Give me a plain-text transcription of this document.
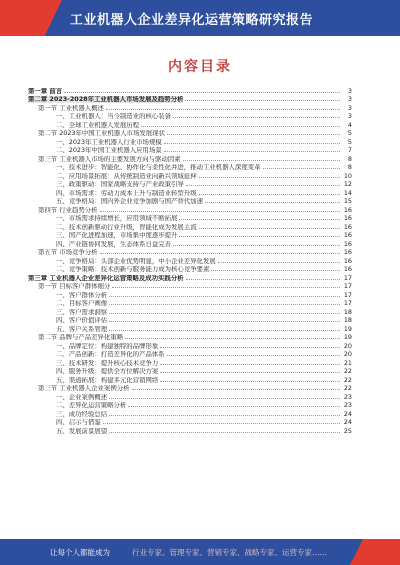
工业机器人企业差异化运营策略研究报告
内容目录
第一章 前言	3
第二章 2023-2028年工业机器人市场发展及趋势分析	3
第一节 工业机器人概述	3
一、工业机器人：当今制造业的核心装备	3
二、全球工业机器人发展历程	4
第二节 2023年中国工业机器人市场发展现状	5
一、2023年工业机器人行业市场规模	5
二、2023年中国工业机器人应用场景	7
第三节 工业机器人市场的主要发展方向与驱动因素	8
一、技术进步：智能化、协作化与柔性化并进，推动工业机器人深度变革	8
二、应用场景拓展：从传统制造业向新兴领域延伸	10
三、政策驱动：国家战略支持与产业政策引导	12
四、市场需求：劳动力成本上升与制造业转型升级	14
五、竞争格局：国内外企业竞争加剧与国产替代加速	15
第四节 行业趋势分析	16
一、市场需求持续增长，应用领域不断拓展	16
二、技术创新驱动行业升级，智能化成为发展主流	16
三、国产化进程加速，市场集中度逐步提升	16
四、产业链协同发展，生态体系日益完善	16
第五节 市场竞争分析	16
一、竞争格局：头部企业优势明显，中小企业差异化发展	16
二、竞争策略：技术创新与服务能力成为核心竞争要素	16
第三章 工业机器人企业差异化运营策略及成功实践分析	17
第一节 目标客户群体细分	17
一、客户群体分析	17
二、目标客户画像	17
三、客户需求洞察	18
四、客户价值评估	18
五、客户关系管理	19
第二节 品牌与产品差异化策略	19
一、品牌定位：构建独特的品牌形象	20
二、产品创新：打造差异化的产品体系	20
三、技术研发：提升核心技术竞争力	21
四、服务升级：提供全方位解决方案	22
五、渠道拓展：构建多元化营销网络	22
第三节 工业机器人企业案例分析	22
一、企业案例概述	23
二、差异化运营策略分析	23
三、成功经验总结	24
四、启示与借鉴	24
五、发展前景展望	25
让每个人都能成为	行业专家、管理专家、营销专家、战略专家、运营专家……
